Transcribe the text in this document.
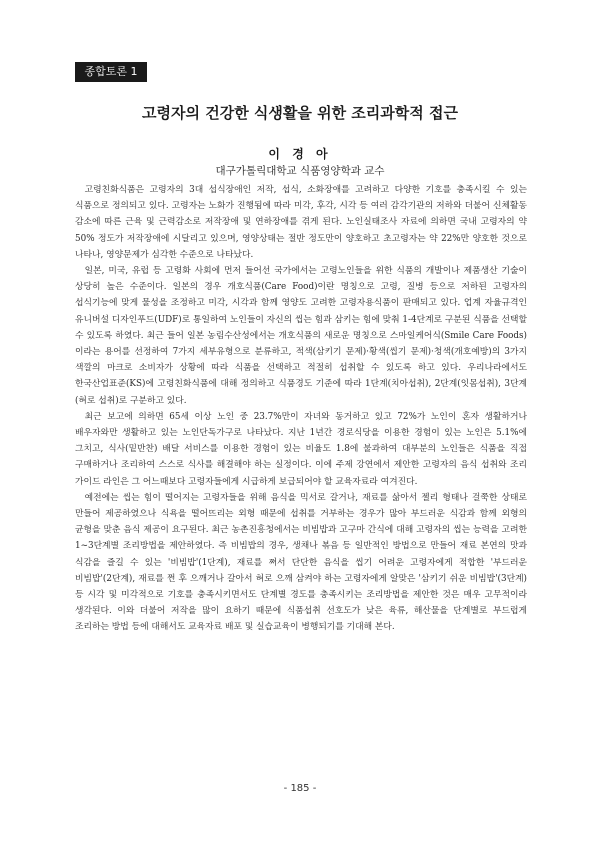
종합토론 1
고령자의 건강한 식생활을 위한 조리과학적 접근
이 경 아
대구가톨릭대학교 식품영양학과 교수

고령친화식품은 고령자의 3대 섭식장애인 저작, 섭식, 소화장애를 고려하고 다양한 기호를 충족시킬 수 있는 식품으로 정의되고 있다. 고령자는 노화가 진행됨에 따라 미각, 후각, 시각 등 여러 감각기관의 저하와 더불어 신체활동 감소에 따른 근육 및 근력감소로 저작장애 및 연하장애를 겪게 된다. 노인실태조사 자료에 의하면 국내 고령자의 약 50% 정도가 저작장애에 시달리고 있으며, 영양상태는 절반 정도만이 양호하고 초고령자는 약 22%만 양호한 것으로 나타나, 영양문제가 심각한 수준으로 나타났다.

일본, 미국, 유럽 등 고령화 사회에 먼저 들어선 국가에서는 고령노인들을 위한 식품의 개발이나 제품생산 기술이 상당히 높은 수준이다. 일본의 경우 개호식품(Care Food)이란 명칭으로 고령, 질병 등으로 저하된 고령자의 섭식기능에 맞게 물성을 조정하고 미각, 시각과 함께 영양도 고려한 고령자용식품이 판매되고 있다. 업계 자율규격인 유니버설 디자인푸드(UDF)로 통일하여 노인들이 자신의 씹는 힘과 삼키는 힘에 맞춰 1-4단계로 구분된 식품을 선택할 수 있도록 하였다. 최근 들어 일본 농림수산성에서는 개호식품의 새로운 명칭으로 스마일케어식(Smile Care Foods)이라는 용어를 선정하여 7가지 세부유형으로 분류하고, 적색(삼키기 문제)·황색(씹기 문제)·청색(개호예방)의 3가지 색깔의 마크로 소비자가 상황에 따라 식품을 선택하고 적절히 섭취할 수 있도록 하고 있다. 우리나라에서도 한국산업표준(KS)에 고령친화식품에 대해 정의하고 식품경도 기준에 따라 1단계(치아섭취), 2단계(잇몸섭취), 3단계(혀로 섭취)로 구분하고 있다.

최근 보고에 의하면 65세 이상 노인 중 23.7%만이 자녀와 동거하고 있고 72%가 노인이 혼자 생활하거나 배우자와만 생활하고 있는 노인단독가구로 나타났다. 지난 1년간 경로식당을 이용한 경험이 있는 노인은 5.1%에 그치고, 식사(밑반찬) 배달 서비스를 이용한 경험이 있는 비율도 1.8에 불과하여 대부분의 노인들은 식품을 직접 구매하거나 조리하여 스스로 식사를 해결해야 하는 실정이다. 이에 주제 강연에서 제안한 고령자의 음식 섭취와 조리 가이드 라인은 그 어느때보다 고령자들에게 시급하게 보급되어야 할 교육자료라 여겨진다.

예전에는 씹는 힘이 떨어지는 고령자들을 위해 음식을 믹서로 갈거나, 재료를 삶아서 젤리 형태나 걸쭉한 상태로 만들어 제공하였으나 식욕을 떨어뜨리는 외형 때문에 섭취를 거부하는 경우가 많아 부드러운 식감과 함께 외형의 균형을 맞춘 음식 제공이 요구된다. 최근 농촌진흥청에서는 비빔밥과 고구마 간식에 대해 고령자의 씹는 능력을 고려한 1~3단계별 조리방법을 제안하였다. 즉 비빔밥의 경우, 생채나 볶음 등 일반적인 방법으로 만들어 재료 본연의 맛과 식감을 즐길 수 있는 '비빔밥'(1단계), 재료를 쪄서 단단한 음식을 씹기 어려운 고령자에게 적합한 '부드러운 비빔밥'(2단계), 재료를 쩐 후 으깨거나 갈아서 혀로 으깨 삼켜야 하는 고령자에게 알맞은 '삼키기 쉬운 비빔밥'(3단계) 등 시각 및 미각적으로 기호를 충족시키면서도 단계별 경도를 충족시키는 조리방법을 제안한 것은 매우 고무적이라 생각된다. 이와 더불어 저작을 많이 요하기 때문에 식품섭취 선호도가 낮은 육류, 해산물을 단계별로 부드럽게 조리하는 방법 등에 대해서도 교육자료 배포 및 실습교육이 병행되기를 기대해 본다.

- 185 -
